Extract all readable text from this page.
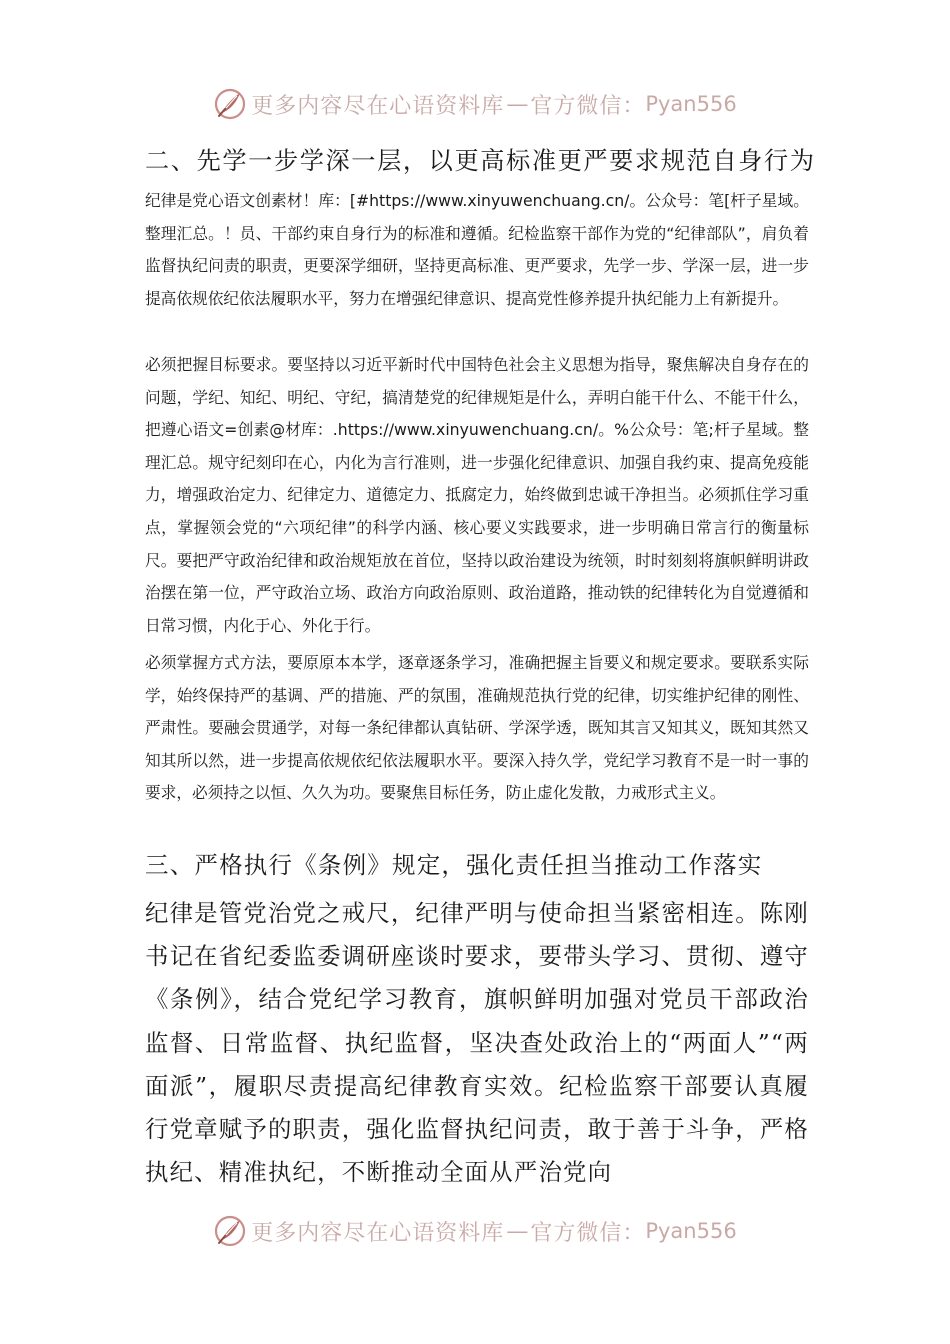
更多内容尽在心语资料库 — 官方微信： Pyan556
二、先学一步学深一层，以更高标准更严要求规范自身行为
纪律是党心语文创素材！库：[#https://www.xinyuwenchuang.cn/。公众号：笔[杆子星域。整理汇总。！员、干部约束自身行为的标准和遵循。纪检监察干部作为党的“纪律部队”，肩负着监督执纪问责的职责，更要深学细研，坚持更高标准、更严要求，先学一步、学深一层，进一步提高依规依纪依法履职水平，努力在增强纪律意识、提高党性修养提升执纪能力上有新提升。
必须把握目标要求。要坚持以习近平新时代中国特色社会主义思想为指导，聚焦解决自身存在的问题，学纪、知纪、明纪、守纪，搞清楚党的纪律规矩是什么，弄明白能干什么、不能干什么，把遵心语文=创素@材库：.https://www.xinyuwenchuang.cn/。%公众号：笔;杆子星域。整理汇总。规守纪刻印在心，内化为言行准则，进一步强化纪律意识、加强自我约束、提高免疫能力，增强政治定力、纪律定力、道德定力、抵腐定力，始终做到忠诚干净担当。必须抓住学习重点，掌握领会党的“六项纪律”的科学内涵、核心要义实践要求，进一步明确日常言行的衡量标尺。要把严守政治纪律和政治规矩放在首位，坚持以政治建设为统领，时时刻刻将旗帜鲜明讲政治摆在第一位，严守政治立场、政治方向政治原则、政治道路，推动铁的纪律转化为自觉遵循和日常习惯，内化于心、外化于行。
必须掌握方式方法，要原原本本学，逐章逐条学习，准确把握主旨要义和规定要求。要联系实际学，始终保持严的基调、严的措施、严的氛围，准确规范执行党的纪律，切实维护纪律的刚性、严肃性。要融会贯通学，对每一条纪律都认真钻研、学深学透，既知其言又知其义，既知其然又知其所以然，进一步提高依规依纪依法履职水平。要深入持久学，党纪学习教育不是一时一事的要求，必须持之以恒、久久为功。要聚焦目标任务，防止虚化发散，力戒形式主义。
三、严格执行《条例》规定，强化责任担当推动工作落实
纪律是管党治党之戒尺，纪律严明与使命担当紧密相连。陈刚书记在省纪委监委调研座谈时要求，要带头学习、贯彻、遵守《条例》，结合党纪学习教育，旗帜鲜明加强对党员干部政治监督、日常监督、执纪监督，坚决查处政治上的“两面人”“两面派”，履职尽责提高纪律教育实效。纪检监察干部要认真履行党章赋予的职责，强化监督执纪问责，敢于善于斗争，严格执纪、精准执纪，不断推动全面从严治党向
更多内容尽在心语资料库 — 官方微信： Pyan556
